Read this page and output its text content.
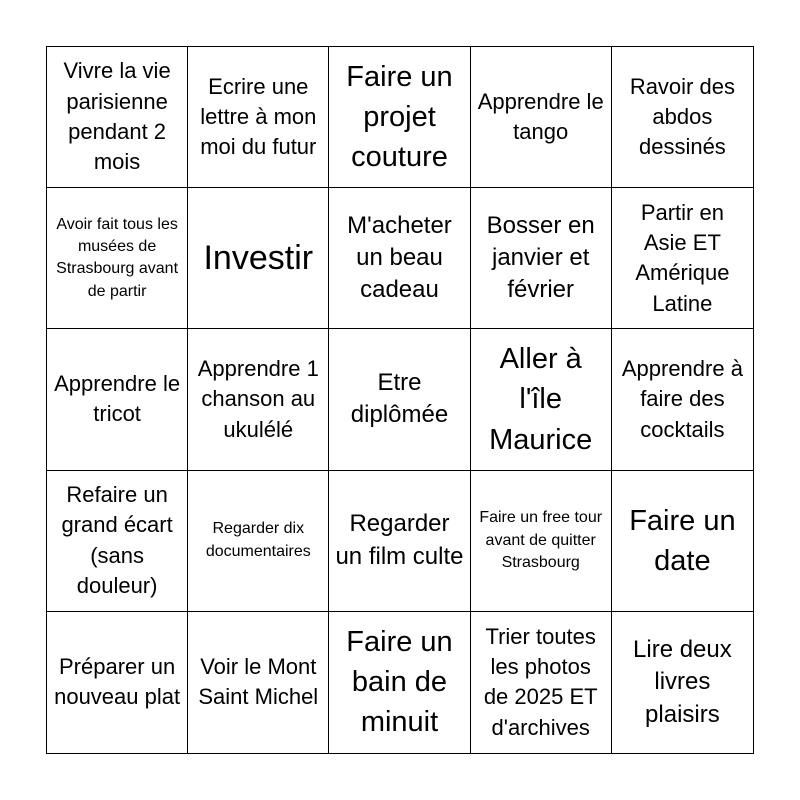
Vivre la vie parisienne pendant 2 mois
Ecrire une lettre à mon moi du futur
Faire un projet couture
Apprendre le tango
Ravoir des abdos dessinés
Avoir fait tous les musées de Strasbourg avant de partir
Investir
M'acheter un beau cadeau
Bosser en janvier et février
Partir en Asie ET Amérique Latine
Apprendre le tricot
Apprendre 1 chanson au ukulélé
Etre diplômée
Aller à l'île Maurice
Apprendre à faire des cocktails
Refaire un grand écart (sans douleur)
Regarder dix documentaires
Regarder un film culte
Faire un free tour avant de quitter Strasbourg
Faire un date
Préparer un nouveau plat
Voir le Mont Saint Michel
Faire un bain de minuit
Trier toutes les photos de 2025 ET d'archives
Lire deux livres plaisirs
